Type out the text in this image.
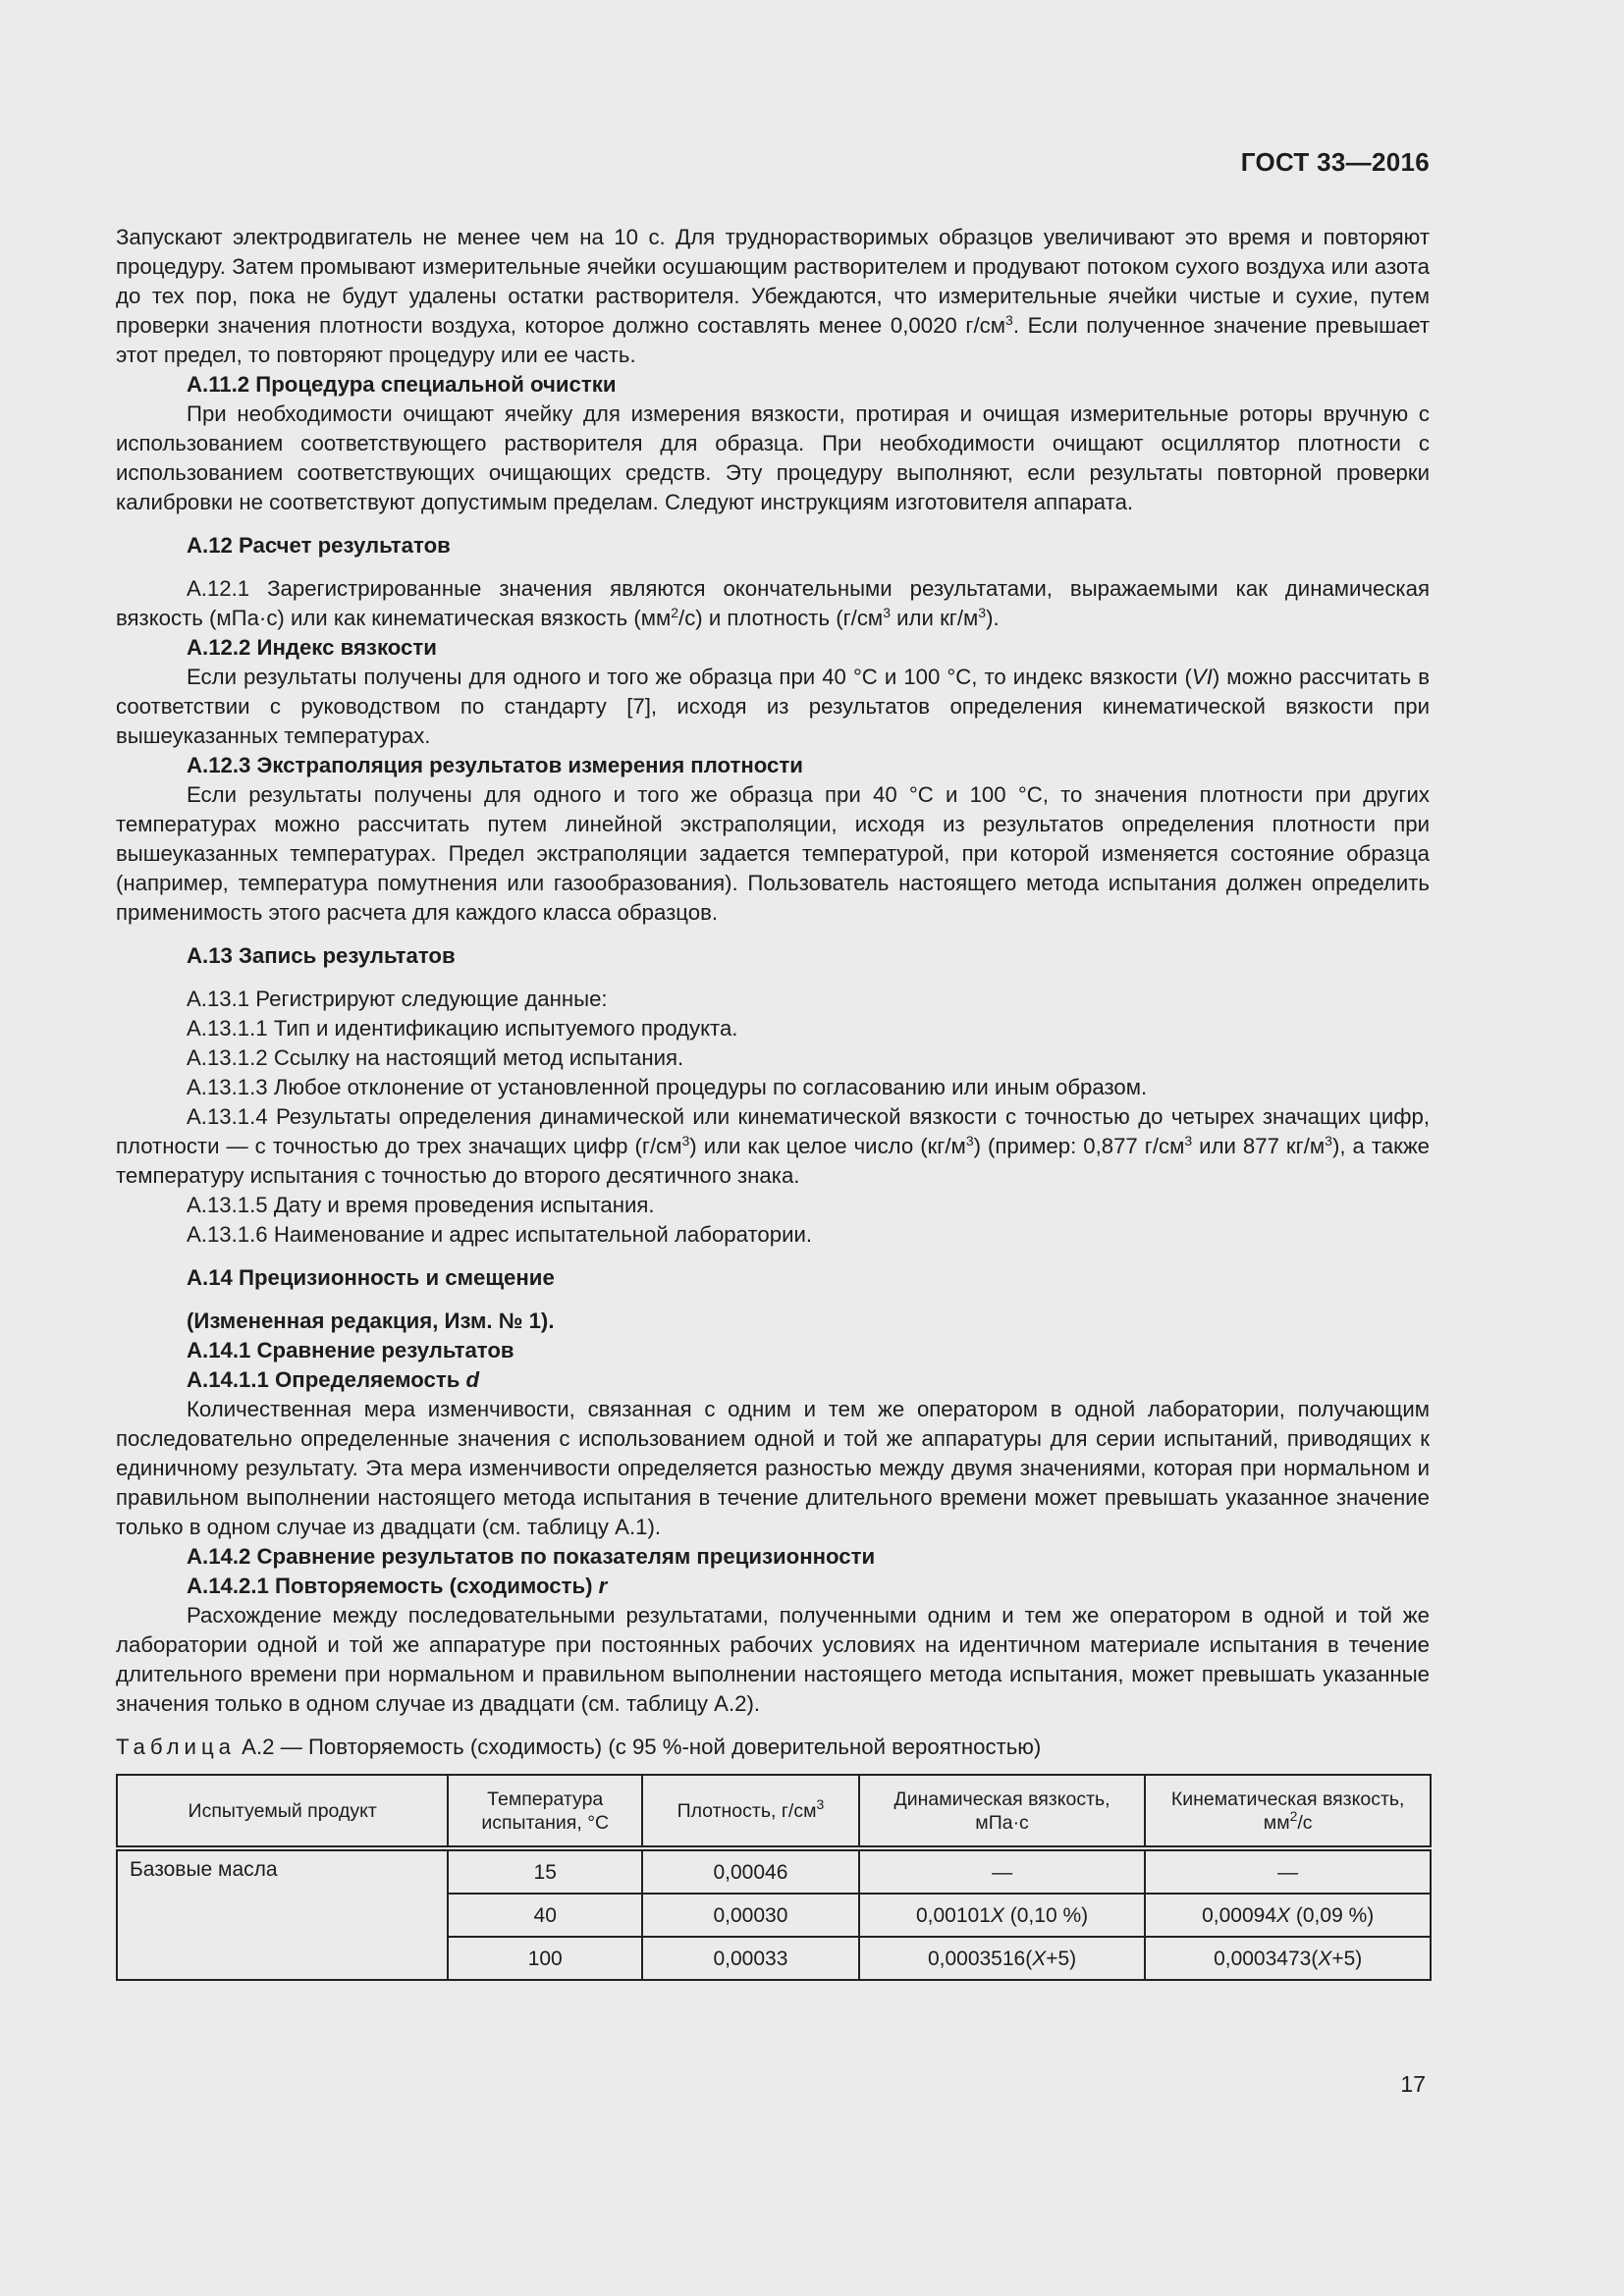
ГОСТ 33—2016

Запускают электродвигатель не менее чем на 10 с. Для труднорастворимых образцов увеличивают это время и повторяют процедуру. Затем промывают измерительные ячейки осушающим растворителем и продувают потоком сухого воздуха или азота до тех пор, пока не будут удалены остатки растворителя. Убеждаются, что измерительные ячейки чистые и сухие, путем проверки значения плотности воздуха, которое должно составлять менее 0,0020 $г/см^3$. Если полученное значение превышает этот предел, то повторяют процедуру или ее часть.

А.11.2 Процедура специальной очистки

При необходимости очищают ячейку для измерения вязкости, протирая и очищая измерительные роторы вручную с использованием соответствующего растворителя для образца. При необходимости очищают осциллятор плотности с использованием соответствующих очищающих средств. Эту процедуру выполняют, если результаты повторной проверки калибровки не соответствуют допустимым пределам. Следуют инструкциям изготовителя аппарата.

А.12 Расчет результатов

А.12.1 Зарегистрированные значения являются окончательными результатами, выражаемыми как динамическая вязкость (мПа·с) или как кинематическая вязкость $(мм^2/с)$ и плотность ($г/см^3$ или $кг/м^3$).

А.12.2 Индекс вязкости

Если результаты получены для одного и того же образца при 40 °С и 100 °С, то индекс вязкости (VI) можно рассчитать в соответствии с руководством по стандарту [7], исходя из результатов определения кинематической вязкости при вышеуказанных температурах.

А.12.3 Экстраполяция результатов измерения плотности

Если результаты получены для одного и того же образца при 40 °С и 100 °С, то значения плотности при других температурах можно рассчитать путем линейной экстраполяции, исходя из результатов определения плотности при вышеуказанных температурах. Предел экстраполяции задается температурой, при которой изменяется состояние образца (например, температура помутнения или газообразования). Пользователь настоящего метода испытания должен определить применимость этого расчета для каждого класса образцов.

А.13 Запись результатов

А.13.1 Регистрируют следующие данные:

А.13.1.1 Тип и идентификацию испытуемого продукта.

А.13.1.2 Ссылку на настоящий метод испытания.

А.13.1.3 Любое отклонение от установленной процедуры по согласованию или иным образом.

А.13.1.4 Результаты определения динамической или кинематической вязкости с точностью до четырех значащих цифр, плотности — с точностью до трех значащих цифр $(г/см^3)$ или как целое число $(кг/м^3)$ (пример: 0,877 $г/см^3$ или 877 $кг/м^3$), а также температуру испытания с точностью до второго десятичного знака.

А.13.1.5 Дату и время проведения испытания.

А.13.1.6 Наименование и адрес испытательной лаборатории.

А.14 Прецизионность и смещение

(Измененная редакция, Изм. № 1).

А.14.1 Сравнение результатов

А.14.1.1 Определяемость d

Количественная мера изменчивости, связанная с одним и тем же оператором в одной лаборатории, получающим последовательно определенные значения с использованием одной и той же аппаратуры для серии испытаний, приводящих к единичному результату. Эта мера изменчивости определяется разностью между двумя значениями, которая при нормальном и правильном выполнении настоящего метода испытания в течение длительного времени может превышать указанное значение только в одном случае из двадцати (см. таблицу А.1).

А.14.2 Сравнение результатов по показателям прецизионности

А.14.2.1 Повторяемость (сходимость) r

Расхождение между последовательными результатами, полученными одним и тем же оператором в одной и той же лаборатории одной и той же аппаратуре при постоянных рабочих условиях на идентичном материале испытания в течение длительного времени при нормальном и правильном выполнении настоящего метода испытания, может превышать указанные значения только в одном случае из двадцати (см. таблицу А.2).

Таблица А.2 — Повторяемость (сходимость) (с 95 %-ной доверительной вероятностью)

Испытуемый продукт	Температура испытания, °С	Плотность, $г/см^3$	Динамическая вязкость, мПа·с	Кинематическая вязкость, $мм^2/с$
Базовые масла	15	0,00046	—	—
	40	0,00030	0,00101X (0,10 %)	0,00094X (0,09 %)
	100	0,00033	0,0003516(X+5)	0,0003473(X+5)
17
